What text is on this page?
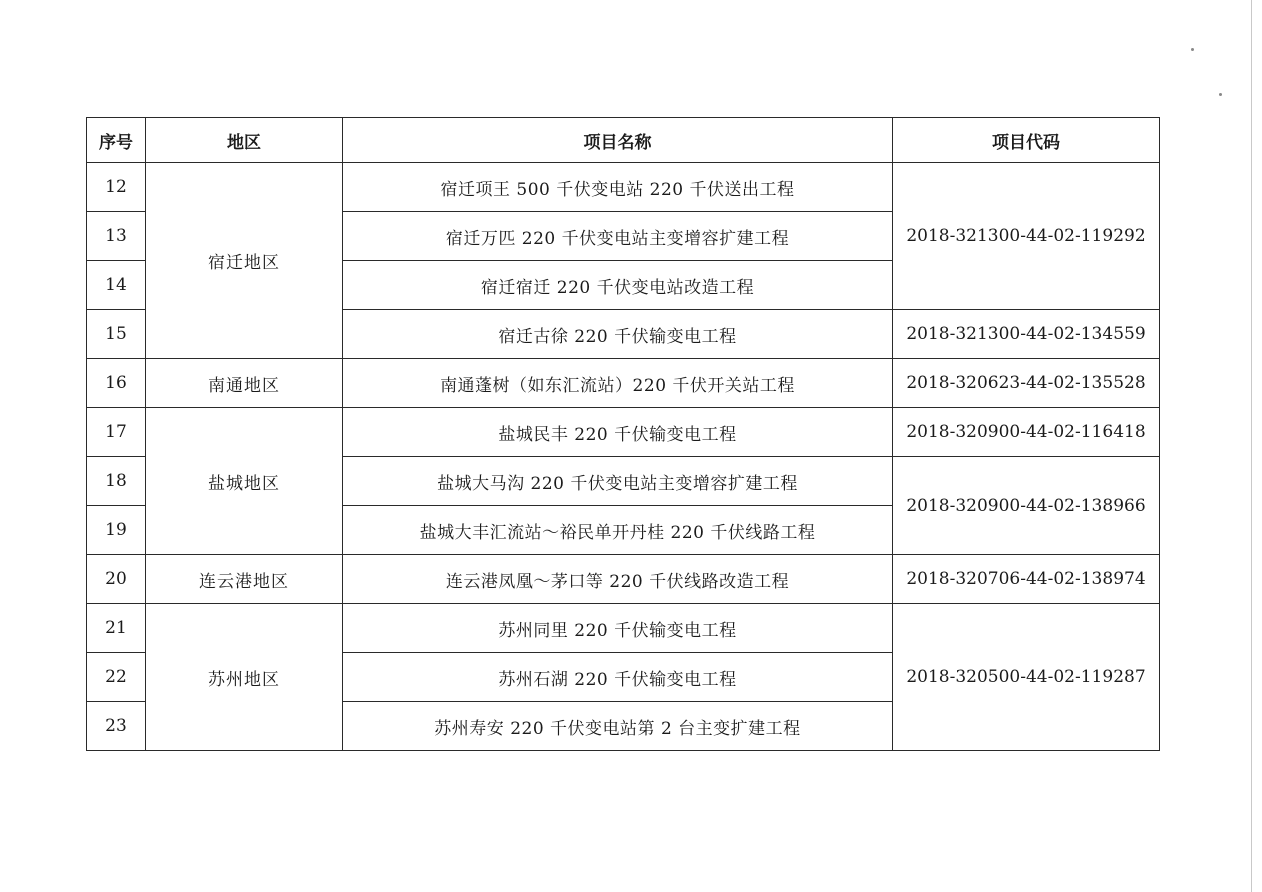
序号	地区	项目名称	项目代码
12	宿迁地区	宿迁项王 500 千伏变电站 220 千伏送出工程	2018-321300-44-02-119292
13		宿迁万匹 220 千伏变电站主变增容扩建工程	
14		宿迁宿迁 220 千伏变电站改造工程	
15		宿迁古徐 220 千伏输变电工程	2018-321300-44-02-134559
16	南通地区	南通蓬树（如东汇流站）220 千伏开关站工程	2018-320623-44-02-135528
17	盐城地区	盐城民丰 220 千伏输变电工程	2018-320900-44-02-116418
18		盐城大马沟 220 千伏变电站主变增容扩建工程	2018-320900-44-02-138966
19		盐城大丰汇流站～裕民单开丹桂 220 千伏线路工程	
20	连云港地区	连云港凤凰～茅口等 220 千伏线路改造工程	2018-320706-44-02-138974
21	苏州地区	苏州同里 220 千伏输变电工程	2018-320500-44-02-119287
22		苏州石湖 220 千伏输变电工程	
23		苏州寿安 220 千伏变电站第 2 台主变扩建工程	
